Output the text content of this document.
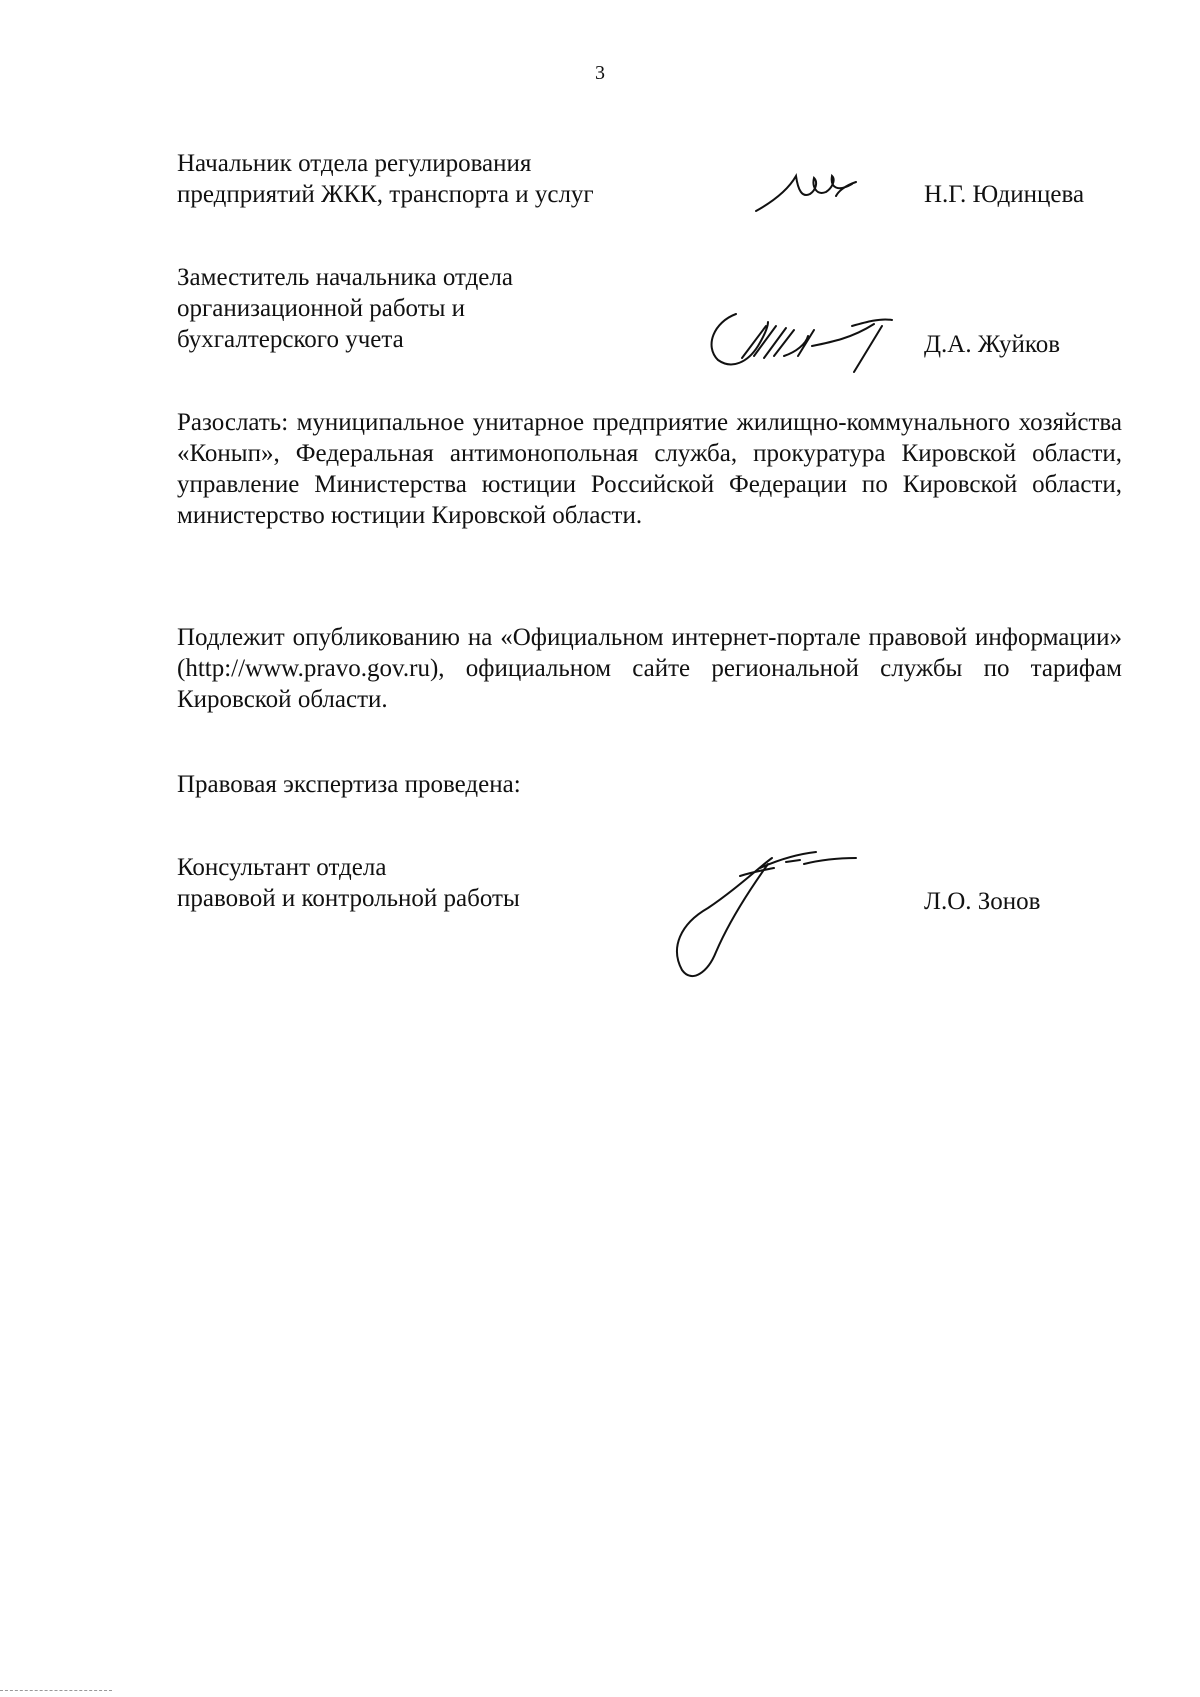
3
Начальник отдела регулирования
предприятий ЖКК, транспорта и услуг	Н.Г. Юдинцева
Заместитель начальника отдела
организационной работы и
бухгалтерского учета	Д.А. Жуйков
Разослать: муниципальное унитарное предприятие жилищно-коммунального хозяйства «Конып», Федеральная антимонопольная служба, прокуратура Кировской области, управление Министерства юстиции Российской Федерации по Кировской области, министерство юстиции Кировской области.
Подлежит опубликованию на «Официальном интернет-портале правовой информации» (http://www.pravo.gov.ru), официальном сайте региональной службы по тарифам Кировской области.
Правовая экспертиза проведена:
Консультант отдела
правовой и контрольной работы	Л.О. Зонов
